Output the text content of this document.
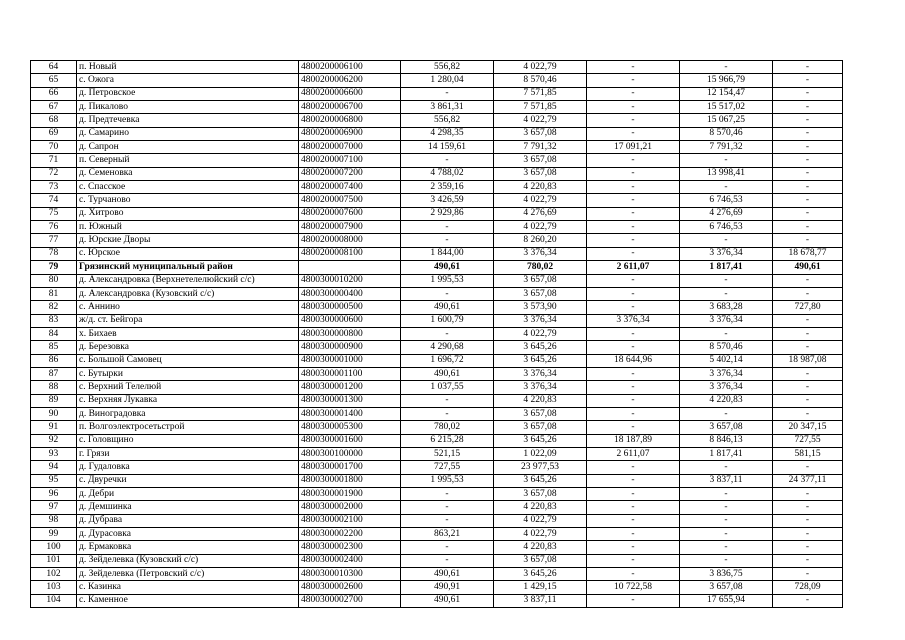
64	п. Новый	4800200006100	556,82	4 022,79	-	-	-
65	с. Ожога	4800200006200	1 280,04	8 570,46	-	15 966,79	-
66	д. Петровское	4800200006600	-	7 571,85	-	12 154,47	-
67	д. Пикалово	4800200006700	3 861,31	7 571,85	-	15 517,02	-
68	д. Предтечевка	4800200006800	556,82	4 022,79	-	15 067,25	-
69	д. Самарино	4800200006900	4 298,35	3 657,08	-	8 570,46	-
70	д. Сапрон	4800200007000	14 159,61	7 791,32	17 091,21	7 791,32	-
71	п. Северный	4800200007100	-	3 657,08	-	-	-
72	д. Семеновка	4800200007200	4 788,02	3 657,08	-	13 998,41	-
73	с. Спасское	4800200007400	2 359,16	4 220,83	-	-	-
74	с. Турчаново	4800200007500	3 426,59	4 022,79	-	6 746,53	-
75	д. Хитрово	4800200007600	2 929,86	4 276,69	-	4 276,69	-
76	п. Южный	4800200007900	-	4 022,79	-	6 746,53	-
77	д. Юрские Дворы	4800200008000	-	8 260,20	-	-	-
78	с. Юрское	4800200008100	1 844,00	3 376,34	-	3 376,34	18 678,77
79	Грязинский муниципальный район		490,61	780,02	2 611,07	1 817,41	490,61
80	д. Александровка (Верхнетелелюйский с/с)	4800300010200	1 995,53	3 657,08	-	-	-
81	д. Александровка (Кузовский с/с)	4800300000400	-	3 657,08	-	-	-
82	с. Аннино	4800300000500	490,61	3 573,90	-	3 683,28	727,80
83	ж/д. ст. Бейгора	4800300000600	1 600,79	3 376,34	3 376,34	3 376,34	-
84	х. Бихаев	4800300000800	-	4 022,79	-	-	-
85	д. Березовка	4800300000900	4 290,68	3 645,26	-	8 570,46	-
86	с. Большой Самовец	4800300001000	1 696,72	3 645,26	18 644,96	5 402,14	18 987,08
87	с. Бутырки	4800300001100	490,61	3 376,34	-	3 376,34	-
88	с. Верхний Телелюй	4800300001200	1 037,55	3 376,34	-	3 376,34	-
89	с. Верхняя Лукавка	4800300001300	-	4 220,83	-	4 220,83	-
90	д. Виноградовка	4800300001400	-	3 657,08	-	-	-
91	п. Волгоэлектросетьстрой	4800300005300	780,02	3 657,08	-	3 657,08	20 347,15
92	с. Головщино	4800300001600	6 215,28	3 645,26	18 187,89	8 846,13	727,55
93	г. Грязи	4800300100000	521,15	1 022,09	2 611,07	1 817,41	581,15
94	д. Гудаловка	4800300001700	727,55	23 977,53	-	-	-
95	с. Двуречки	4800300001800	1 995,53	3 645,26	-	3 837,11	24 377,11
96	д. Дебри	4800300001900	-	3 657,08	-	-	-
97	д. Демшинка	4800300002000	-	4 220,83	-	-	-
98	д. Дубрава	4800300002100	-	4 022,79	-	-	-
99	д. Дурасовка	4800300002200	863,21	4 022,79	-	-	-
100	д. Ермаковка	4800300002300	-	4 220,83	-	-	-
101	д. Зейделевка (Кузовский с/с)	4800300002400	-	3 657,08	-	-	-
102	д. Зейделевка (Петровский с/с)	4800300010300	490,61	3 645,26	-	3 836,75	-
103	с. Казинка	4800300002600	490,91	1 429,15	10 722,58	3 657,08	728,09
104	с. Каменное	4800300002700	490,61	3 837,11	-	17 655,94	-
